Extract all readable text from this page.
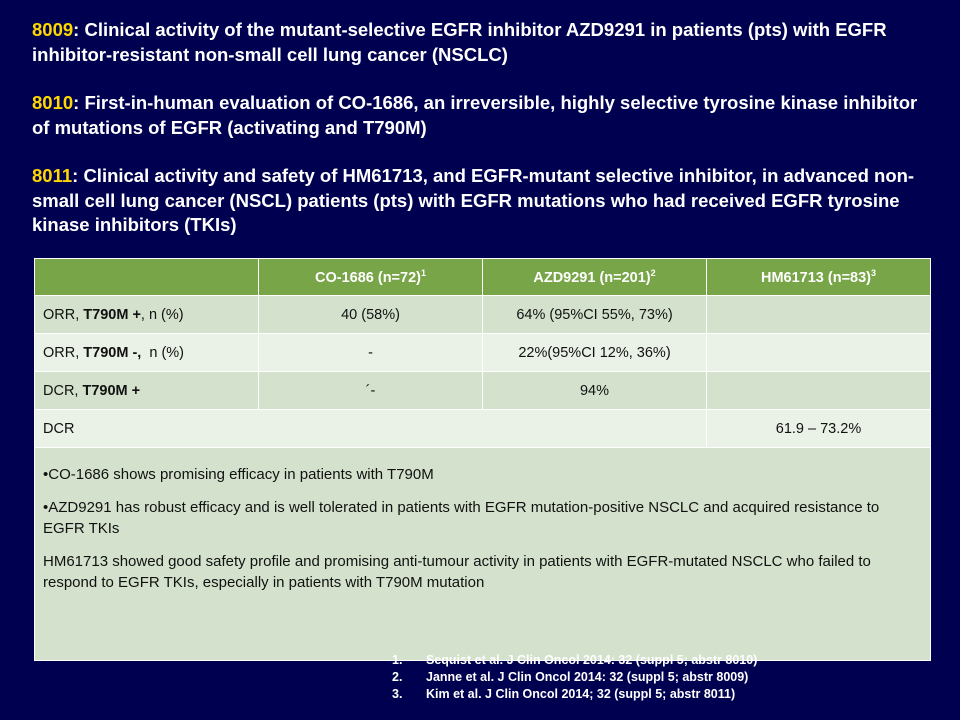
8009: Clinical activity of the mutant-selective EGFR inhibitor AZD9291 in patients (pts) with EGFR inhibitor-resistant non-small cell lung cancer (NSCLC)

8010: First-in-human evaluation of CO-1686, an irreversible, highly selective tyrosine kinase inhibitor of mutations of EGFR (activating and T790M)

8011: Clinical activity and safety of HM61713, and EGFR-mutant selective inhibitor, in advanced non-small cell lung cancer (NSCL) patients (pts) with EGFR mutations who had received EGFR tyrosine kinase inhibitors (TKIs)

	CO-1686 (n=72)$^1$	AZD9291 (n=201)$^2$	HM61713 (n=83)$^3$
ORR, T790M +, n (%)	40 (58%)	64% (95%CI 55%, 73%)	
ORR, T790M -,  n (%)	-	22%(95%CI 12%, 36%)	
DCR, T790M +	´-	94%	
DCR			61.9 – 73.2%

•CO-1686 shows promising efficacy in patients with T790M

•AZD9291 has robust efficacy and is well tolerated in patients with EGFR mutation-positive NSCLC and acquired resistance to EGFR TKIs

HM61713 showed good safety profile and promising anti-tumour activity in patients with EGFR-mutated NSCLC who failed to respond to EGFR TKIs, especially in patients with T790M mutation			

1. Sequist et al. J Clin Oncol 2014: 32 (suppl 5; abstr 8010)
2. Janne et al. J Clin Oncol 2014: 32 (suppl 5; abstr 8009)
3. Kim et al. J Clin Oncol 2014; 32 (suppl 5; abstr 8011)
